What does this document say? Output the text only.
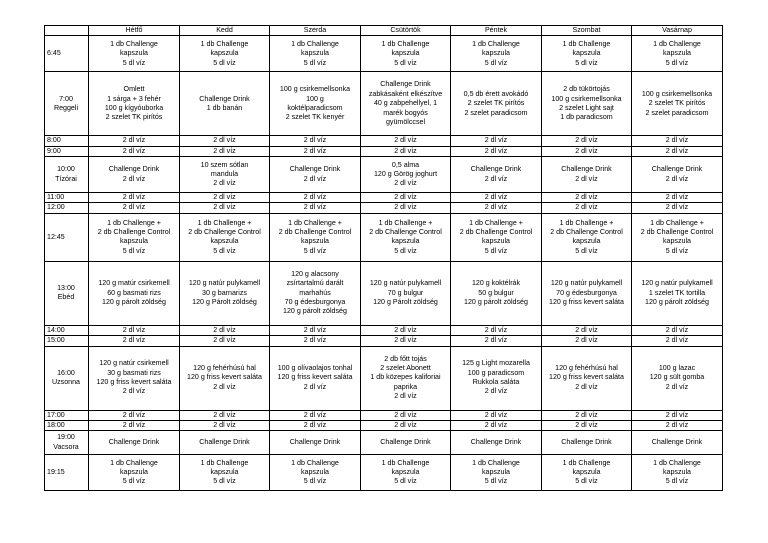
	Hétfő	Kedd	Szerda	Csütörtök	Péntek	Szombat	Vasárnap

6:45	1 db Challenge
kapszula
5 dl víz	1 db Challenge
kapszula
5 dl víz	1 db Challenge
kapszula
5 dl víz	1 db Challenge
kapszula
5 dl víz	1 db Challenge
kapszula
5 dl víz	1 db Challenge
kapszula
5 dl víz	1 db Challenge
kapszula
5 dl víz

7:00
Reggeli	Omlett
1 sárga + 3 fehér
100 g kígyóuborka
2 szelet TK pirítós	Challenge Drink
1 db banán	100 g csirkemellsonka
100 g
koktélparadicsom
2 szelet TK kenyér	Challenge Drink
zabkásaként elkészítve
40 g zabpehellyel, 1
marék bogyós
gyümölccsel	0,5 db érett avokádó
2 szelet TK pirítós
2 szelet paradicsom	2 db tükörtojás
100 g csirkemellsonka
2 szelet Light sajt
1 db paradicsom	100 g csirkemellsonka
2 szelet TK pirítós
2 szelet paradicsom

8:00	2 dl víz	2 dl víz	2 dl víz	2 dl víz	2 dl víz	2 dl víz	2 dl víz

9:00	2 dl víz	2 dl víz	2 dl víz	2 dl víz	2 dl víz	2 dl víz	2 dl víz

10:00
Tízórai	Challenge Drink
2 dl víz	10 szem sótlan
mandula
2 dl víz	Challenge Drink
2 dl víz	0,5 alma
120 g Görög joghurt
2 dl víz	Challenge Drink
2 dl víz	Challenge Drink
2 dl víz	Challenge Drink
2 dl víz

11:00	2 dl víz	2 dl víz	2 dl víz	2 dl víz	2 dl víz	2 dl víz	2 dl víz

12:00	2 dl víz	2 dl víz	2 dl víz	2 dl víz	2 dl víz	2 dl víz	2 dl víz

12:45	1 db Challenge +
2 db Challenge Control
kapszula
5 dl víz	1 db Challenge +
2 db Challenge Control
kapszula
5 dl víz	1 db Challenge +
2 db Challenge Control
kapszula
5 dl víz	1 db Challenge +
2 db Challenge Control
kapszula
5 dl víz	1 db Challenge +
2 db Challenge Control
kapszula
5 dl víz	1 db Challenge +
2 db Challenge Control
kapszula
5 dl víz	1 db Challenge +
2 db Challenge Control
kapszula
5 dl víz

13:00
Ebéd	120 g matúr csirkemell
60 g basmati rizs
120 g párolt zöldség	120 g natúr pulykamell
30 g barnarizs
120 g Párolt zöldség	120 g alacsony
zsírtartalmú darált
marhahús
70 g édesburgonya
120 g párolt zöldség	120 g natúr pulykamell
70 g bulgur
120 g Párolt zöldség	120 g koktélrák
50 g bulgur
120 g párolt zöldség	120 g natúr pulykamell
70 g édesburgonya
120 g friss kevert saláta	120 g natúr pulykamell
1 szelet TK tortilla
120 g párolt zöldség

14:00	2 dl víz	2 dl víz	2 dl víz	2 dl víz	2 dl víz	2 dl víz	2 dl víz

15:00	2 dl víz	2 dl víz	2 dl víz	2 dl víz	2 dl víz	2 dl víz	2 dl víz

16:00
Uzsonna	120 g natúr csirkemell
30 g basmati rizs
120 g friss kevert saláta
2 dl víz	120 g fehérhúsú hal
120 g friss kevert saláta
2 dl víz	100 g olívaolajos tonhal
120 g friss kevert saláta
2 dl víz	2 db főtt tojás
2 szelet Abonett
1 db közepes kaliforiai
paprika
2 dl víz	125 g Light mozarella
100 g paradicsom
Rukkola saláta
2 dl víz	120 g fehérhúsú hal
120 g friss kevert saláta
2 dl víz	100 g lazac
120 g sült gomba
2 dl víz

17:00	2 dl víz	2 dl víz	2 dl víz	2 dl víz	2 dl víz	2 dl víz	2 dl víz

18:00	2 dl víz	2 dl víz	2 dl víz	2 dl víz	2 dl víz	2 dl víz	2 dl víz

19:00
Vacsora	Challenge Drink	Challenge Drink	Challenge Drink	Challenge Drink	Challenge Drink	Challenge Drink	Challenge Drink

19:15	1 db Challenge
kapszula
5 dl víz	1 db Challenge
kapszula
5 dl víz	1 db Challenge
kapszula
5 dl víz	1 db Challenge
kapszula
5 dl víz	1 db Challenge
kapszula
5 dl víz	1 db Challenge
kapszula
5 dl víz	1 db Challenge
kapszula
5 dl víz
